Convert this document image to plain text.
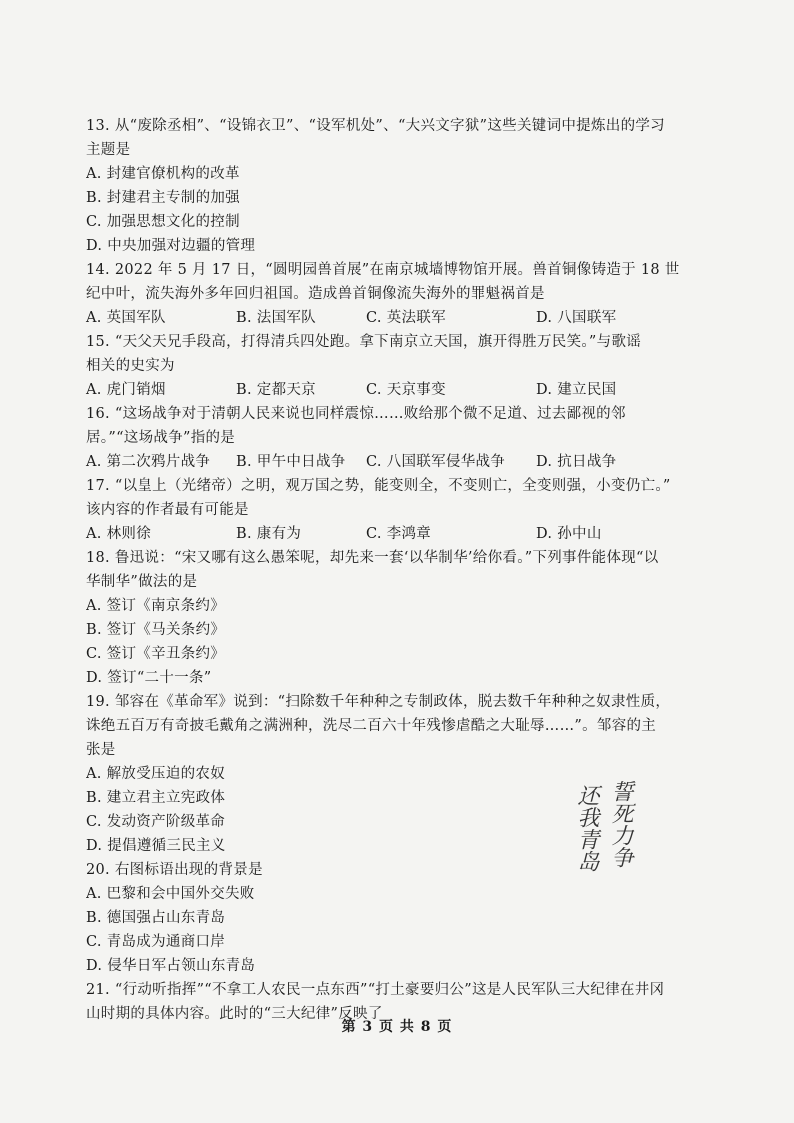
13. 从“废除丞相”、“设锦衣卫”、“设军机处”、“大兴文字狱”这些关键词中提炼出的学习
主题是
A. 封建官僚机构的改革
B. 封建君主专制的加强
C. 加强思想文化的控制
D. 中央加强对边疆的管理
14. 2022 年 5 月 17 日，“圆明园兽首展”在南京城墙博物馆开展。兽首铜像铸造于 18 世
纪中叶，流失海外多年回归祖国。造成兽首铜像流失海外的罪魁祸首是
A. 英国军队	B. 法国军队	C. 英法联军	D. 八国联军
15. “天父天兄手段高，打得清兵四处跑。拿下南京立天国，旗开得胜万民笑。”与歌谣
相关的史实为
A. 虎门销烟	B. 定都天京	C. 天京事变	D. 建立民国
16. “这场战争对于清朝人民来说也同样震惊……败给那个微不足道、过去鄙视的邻
居。”“这场战争”指的是
A. 第二次鸦片战争	B. 甲午中日战争	C. 八国联军侵华战争	D. 抗日战争
17. “以皇上（光绪帝）之明，观万国之势，能变则全，不变则亡，全变则强，小变仍亡。”
该内容的作者最有可能是
A. 林则徐	B. 康有为	C. 李鸿章	D. 孙中山
18. 鲁迅说：“宋又哪有这么愚笨呢，却先来一套‘以华制华’给你看。”下列事件能体现“以
华制华”做法的是
A. 签订《南京条约》
B. 签订《马关条约》
C. 签订《辛丑条约》
D. 签订“二十一条”
19. 邹容在《革命军》说到：“扫除数千年种种之专制政体，脱去数千年种种之奴隶性质，
诛绝五百万有奇披毛戴角之满洲种，洗尽二百六十年残惨虐酷之大耻辱……”。邹容的主
张是
A. 解放受压迫的农奴
B. 建立君主立宪政体
C. 发动资产阶级革命
D. 提倡遵循三民主义
20. 右图标语出现的背景是
A. 巴黎和会中国外交失败
B. 德国强占山东青岛
C. 青岛成为通商口岸
D. 侵华日军占领山东青岛
21. “行动听指挥”“不拿工人农民一点东西”“打土豪要归公”这是人民军队三大纪律在井冈
山时期的具体内容。此时的“三大纪律”反映了
誓死力争
还我青岛
第 3 页 共 8 页
